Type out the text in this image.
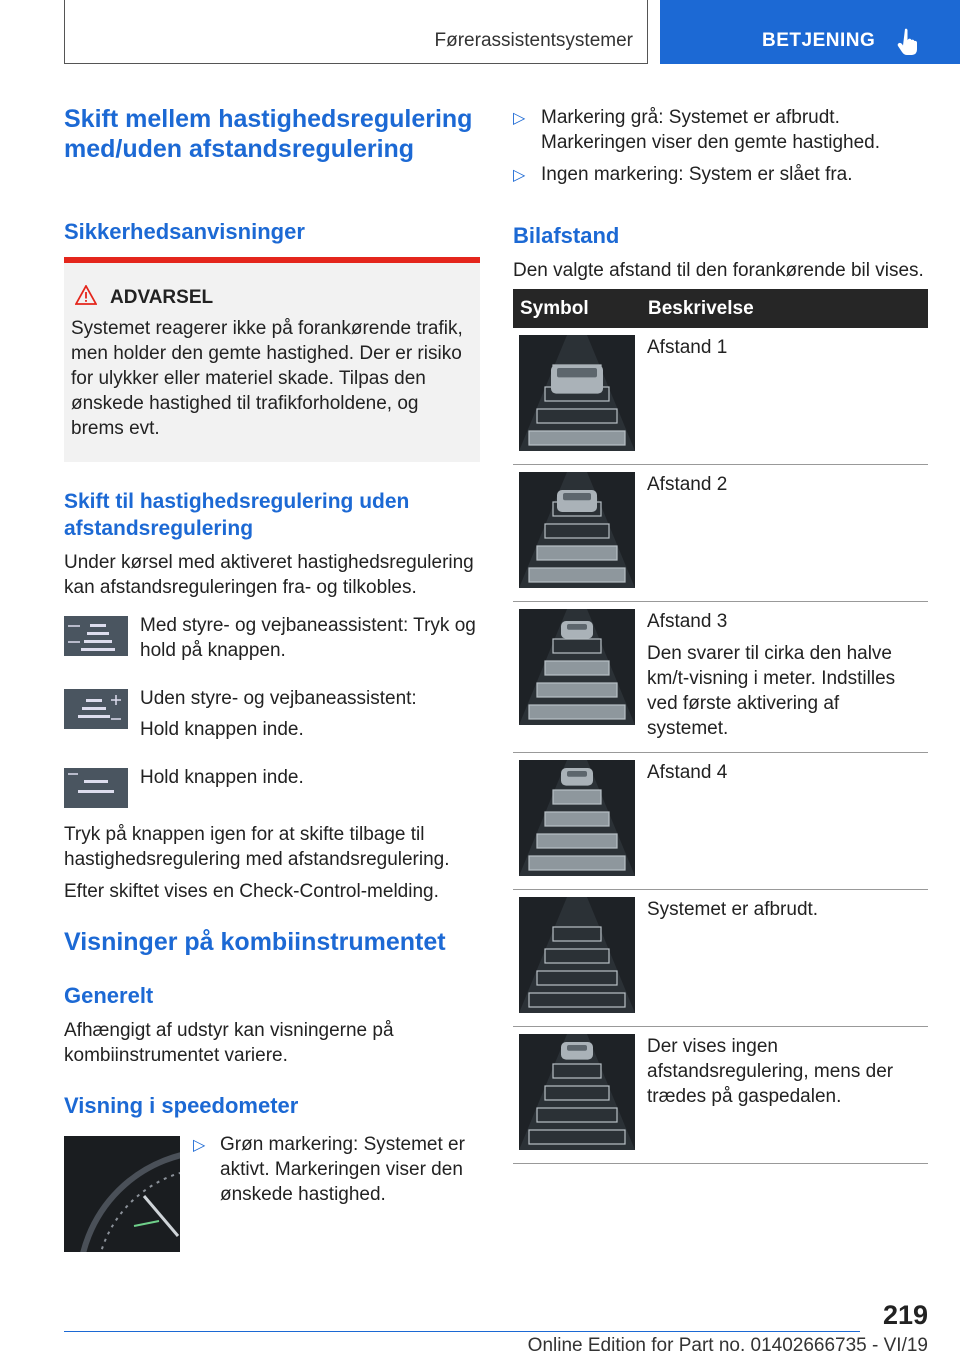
Førerassistentsystemer	BETJENING
Skift mellem hastighedsregulering med/uden afstandsregulering
Sikkerhedsanvisninger
ADVARSEL

Systemet reagerer ikke på forankørende trafik, men holder den gemte hastighed. Der er risiko for ulykker eller materiel skade. Tilpas den ønskede hastighed til trafikforholdene, og brems evt.

Skift til hastighedsregulering uden afstandsregulering

Under kørsel med aktiveret hastighedsregulering kan afstandsreguleringen fra- og tilkobles.

Med styre- og vejbaneassistent: Tryk og hold på knappen.

Uden styre- og vejbaneassistent:

Hold knappen inde.

Hold knappen inde.

Tryk på knappen igen for at skifte tilbage til hastighedsregulering med afstandsregulering.

Efter skiftet vises en Check-Control-melding.

Visninger på kombiinstrumentet
Generelt

Afhængigt af udstyr kan visningerne på kombiinstrumentet variere.

Visning i speedometer
▷ Grøn markering: Systemet er aktivt. Markeringen viser den ønskede hastighed.

▷ Markering grå: Systemet er afbrudt. Markeringen viser den gemte hastighed.

▷ Ingen markering: System er slået fra.

Bilafstand

Den valgte afstand til den forankørende bil vises.

Symbol	Beskrivelse

Afstand 1

Afstand 2

Afstand 3
Den svarer til cirka den halve km/t-visning i meter. Indstilles ved første aktivering af systemet.

Afstand 4

Systemet er afbrudt.

Der vises ingen afstandsregulering, mens der trædes på gaspedalen.
219
Online Edition for Part no. 01402666735 - VI/19
